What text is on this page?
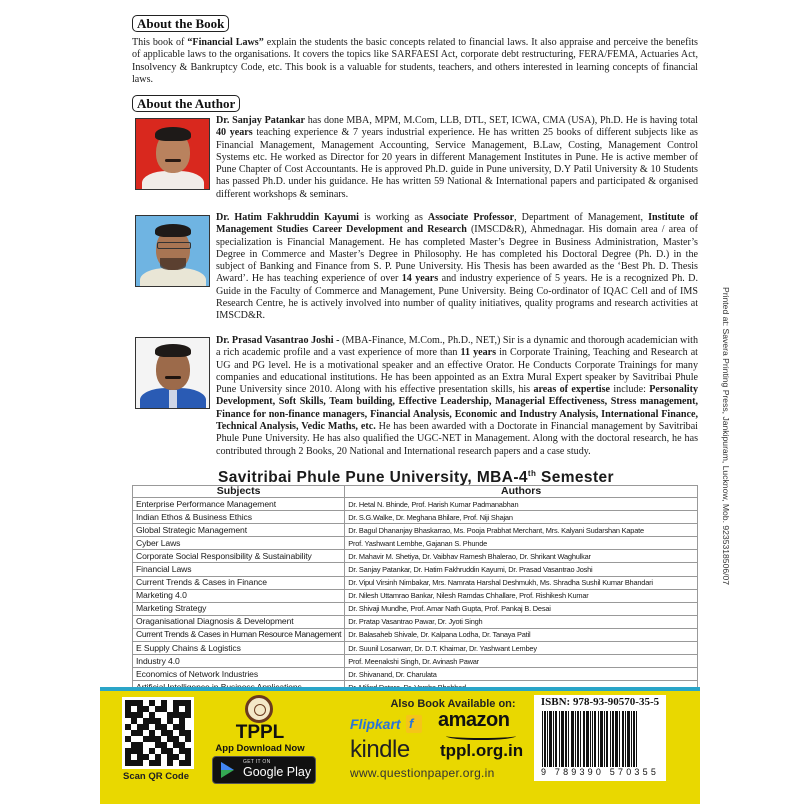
About the Book
This book of “Financial Laws” explain the students the basic concepts related to financial laws. It also appraise and perceive the benefits of applicable laws to the organisations. It covers the topics like SARFAESI Act, corporate debt restructuring, FERA/FEMA, Actuaries Act, Insolvency & Bankruptcy Code, etc. This book is a valuable for students, teachers, and others interested in learning concepts of financial laws.
About the Author
Dr. Sanjay Patankar has done MBA, MPM, M.Com, LLB, DTL, SET, ICWA, CMA (USA), Ph.D. He is having total 40 years teaching experience & 7 years industrial experience. He has written 25 books of different subjects like as Financial Management, Management Accounting, Service Management, B.Law, Costing, Management Control Systems etc. He worked as Director for 20 years in different Management Institutes in Pune. He is active member of Pune Chapter of Cost Accountants. He is approved Ph.D. guide in Pune university, D.Y Patil University & 10 Students has passed Ph.D. under his guidance. He has written 59 National & International papers and participated & organised different workshops & seminars.
Dr. Hatim Fakhruddin Kayumi is working as Associate Professor, Department of Management, Institute of Management Studies Career Development and Research (IMSCD&R), Ahmednagar. His domain area / area of specialization is Financial Management. He has completed Master’s Degree in Business Administration, Master’s Degree in Commerce and Master’s Degree in Philosophy. He has completed his Doctoral Degree (Ph. D.) in the subject of Banking and Finance from S. P. Pune University. His Thesis has been awarded as the ‘Best Ph. D. Thesis Award’. He has teaching experience of over 14 years and industry experience of 5 years. He is a recognized Ph. D. Guide in the Faculty of Commerce and Management, Pune University. Being Co-ordinator of IQAC Cell and of IMS Research Centre, he is actively involved into number of quality initiatives, quality programs and research activities at IMSCD&R.
Dr. Prasad Vasantrao Joshi - (MBA-Finance, M.Com., Ph.D., NET,) Sir is a dynamic and thorough academician with a rich academic profile and a vast experience of more than 11 years in Corporate Training, Teaching and Research at UG and PG level. He is a motivational speaker and an effective Orator. He Conducts Corporate Trainings for many companies and educational institutions. He has been appointed as an Extra Mural Expert speaker by Savitribai Phule Pune University since 2010. Along with his effective presentation skills, his areas of expertise include: Personality Development, Soft Skills, Team building, Effective Leadership, Managerial Effectiveness, Stress management, Finance for non-finance managers, Financial Analysis, Economic and Industry Analysis, International Finance, Technical Analysis, Vedic Maths, etc. He has been awarded with a Doctorate in Financial management by Savitribai Phule Pune University. He has also qualified the UGC-NET in Management. Along with the doctoral research, he has contributed through 2 Books, 20 National and International research papers and a case study.
Savitribai Phule Pune University, MBA-4th Semester
Subjects	Authors
Enterprise Performance Management	Dr. Hetal N. Bhinde, Prof. Harish Kumar Padmanabhan
Indian Ethos & Business Ethics	Dr. S.G.Walke, Dr. Meghana Bhilare, Prof. Niji Shajan
Global Strategic Management	Dr. Bagul Dhananjay Bhaskarrao, Ms. Pooja Prabhat Merchant, Mrs. Kalyani Sudarshan Kapate
Cyber Laws	Prof. Yashwant Lembhe, Gajanan S. Phunde
Corporate Social Responsibility & Sustainability	Dr. Mahavir M. Shetiya, Dr. Vaibhav Ramesh Bhalerao, Dr. Shrikant Waghulkar
Financial Laws	Dr. Sanjay Patankar, Dr. Hatim Fakhruddin Kayumi, Dr. Prasad Vasantrao Joshi
Current Trends & Cases in Finance	Dr. Vipul Virsinh Nimbakar, Mrs. Namrata Harshal Deshmukh, Ms. Shradha Sushil Kumar Bhandari
Marketing 4.0	Dr. Nilesh Uttamrao Bankar, Nilesh Ramdas Chhallare, Prof. Rishikesh Kumar
Marketing Strategy	Dr. Shivaji Mundhe, Prof. Amar Nath Gupta, Prof. Pankaj B. Desai
Oraganisational Diagnosis & Development	Dr. Pratap Vasantrao Pawar, Dr. Jyoti Singh
Current Trends & Cases in Human Resource Management	Dr. Balasaheb Shivale, Dr. Kalpana Lodha, Dr. Tanaya Patil
E Supply Chains & Logistics	Dr. Suunil Losarwarr, Dr. D.T. Khairnar, Dr. Yashwant Lembey
Industry 4.0	Prof. Meenakshi Singh, Dr. Avinash Pawar
Economics of Network Industries	Dr. Shivanand, Dr. Charulata

Printed at: Savera Printing Press, Jankipuram, Lucknow, Mob. 9235318506/07
Scan QR Code
TPPL
App Download Now
GET IT ON
Google Play
Also Book Available on:
Flipkart f amazon
kindle tppl.org.in
www.questionpaper.org.in
ISBN: 978-93-90570-35-5
9 789390 570355
